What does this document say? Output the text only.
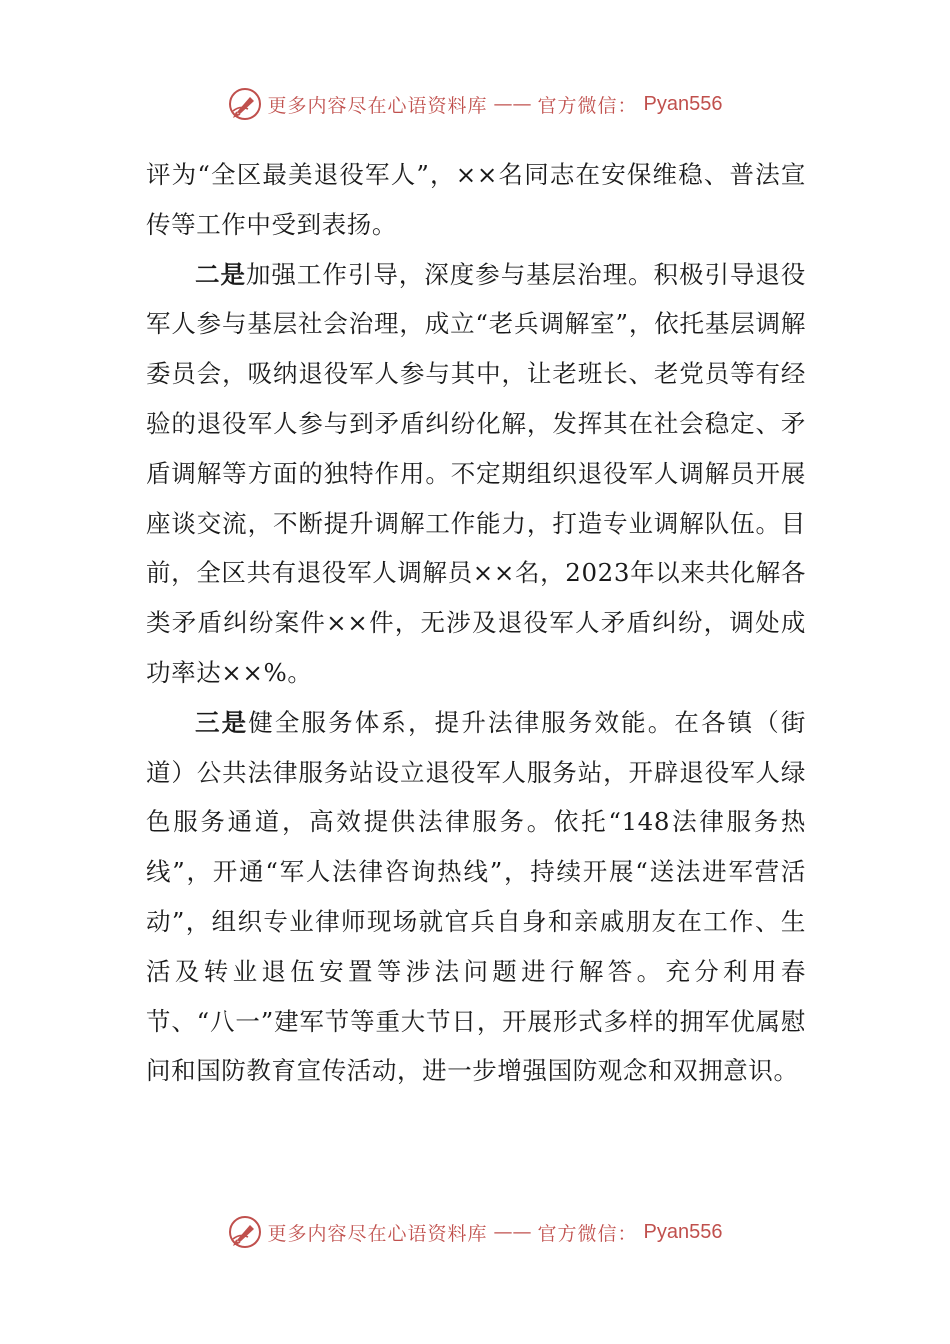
更多内容尽在心语资料库 —— 官方微信： Pyan556

评为“全区最美退役军人”，××名同志在安保维稳、普法宣传等工作中受到表扬。

二是加强工作引导，深度参与基层治理。积极引导退役军人参与基层社会治理，成立“老兵调解室”，依托基层调解委员会，吸纳退役军人参与其中，让老班长、老党员等有经验的退役军人参与到矛盾纠纷化解，发挥其在社会稳定、矛盾调解等方面的独特作用。不定期组织退役军人调解员开展座谈交流，不断提升调解工作能力，打造专业调解队伍。目前，全区共有退役军人调解员××名，2023年以来共化解各类矛盾纠纷案件××件，无涉及退役军人矛盾纠纷，调处成功率达××%。

三是健全服务体系，提升法律服务效能。在各镇（街道）公共法律服务站设立退役军人服务站，开辟退役军人绿色服务通道，高效提供法律服务。依托“148法律服务热线”，开通“军人法律咨询热线”，持续开展“送法进军营活动”，组织专业律师现场就官兵自身和亲戚朋友在工作、生活及转业退伍安置等涉法问题进行解答。充分利用春节、“八一”建军节等重大节日，开展形式多样的拥军优属慰问和国防教育宣传活动，进一步增强国防观念和双拥意识。

更多内容尽在心语资料库 —— 官方微信： Pyan556
